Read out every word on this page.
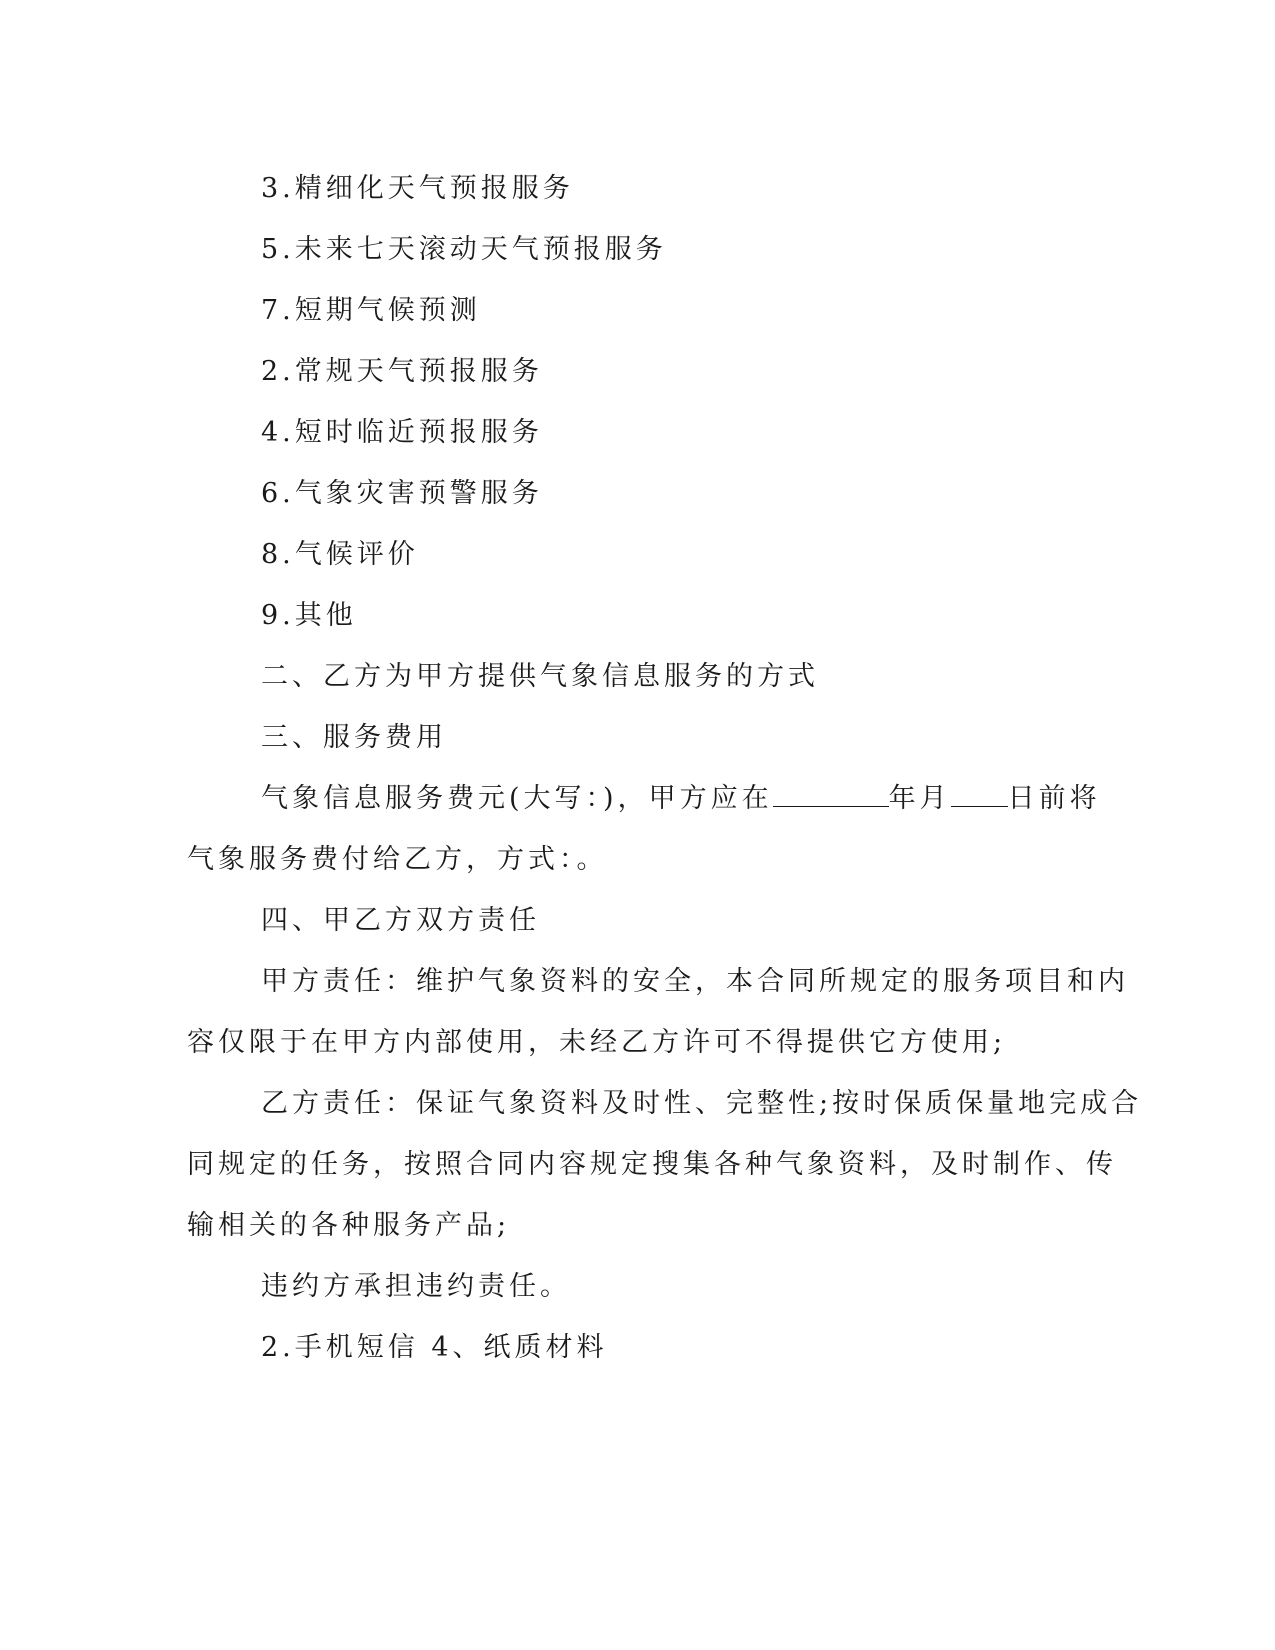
3.精细化天气预报服务
5.未来七天滚动天气预报服务
7.短期气候预测
2.常规天气预报服务
4.短时临近预报服务
6.气象灾害预警服务
8.气候评价
9.其他
二、乙方为甲方提供气象信息服务的方式
三、服务费用
气象信息服务费元(大写：)，甲方应在	年月 日前将
气象服务费付给乙方，方式：。
四、甲乙方双方责任
甲方责任：维护气象资料的安全，本合同所规定的服务项目和内
容仅限于在甲方内部使用，未经乙方许可不得提供它方使用;
乙方责任：保证气象资料及时性、完整性;按时保质保量地完成合
同规定的任务，按照合同内容规定搜集各种气象资料，及时制作、传
输相关的各种服务产品;
违约方承担违约责任。
2.手机短信 4、纸质材料
